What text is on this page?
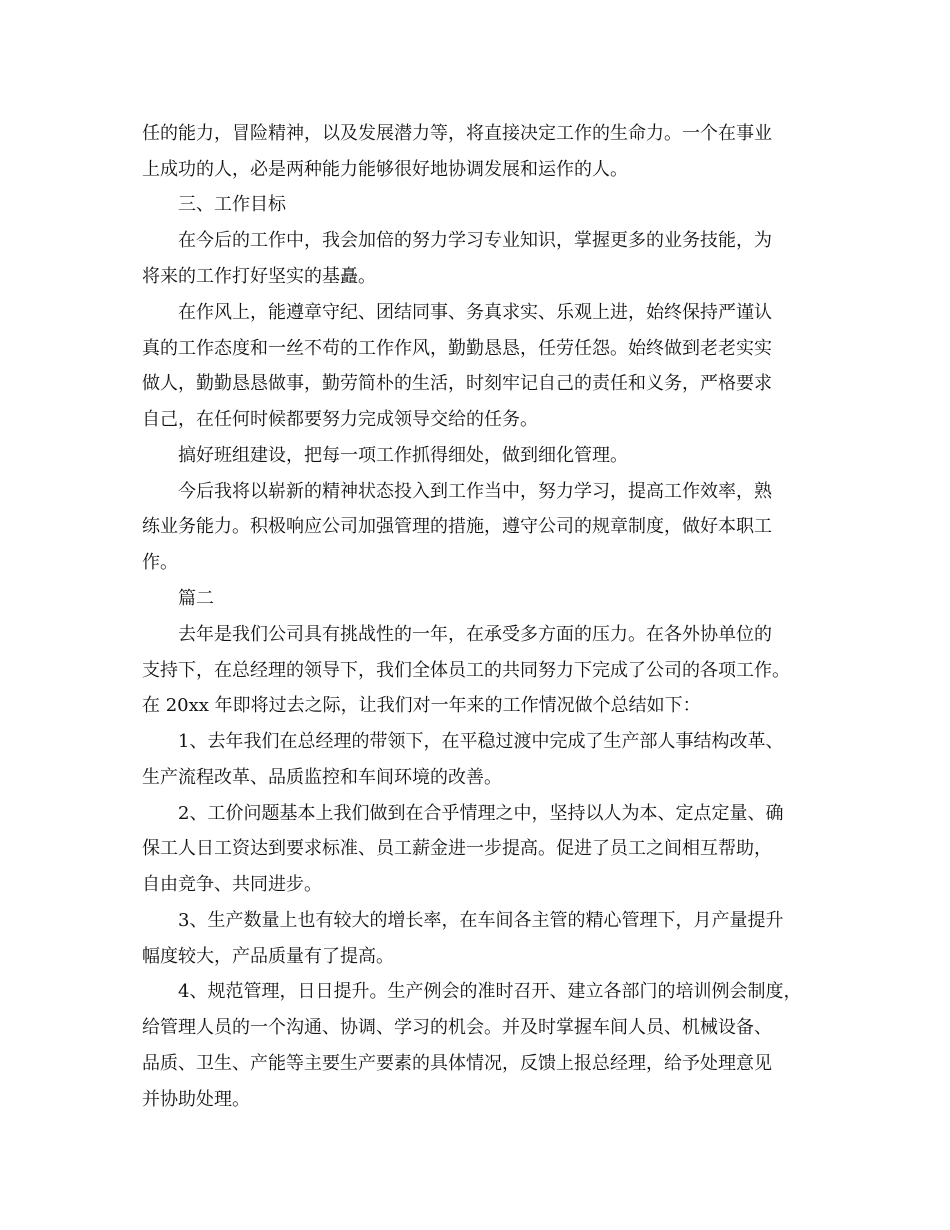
任的能力，冒险精神，以及发展潜力等，将直接决定工作的生命力。一个在事业
上成功的人，必是两种能力能够很好地协调发展和运作的人。
三、工作目标
在今后的工作中，我会加倍的努力学习专业知识，掌握更多的业务技能，为
将来的工作打好坚实的基矗。
在作风上，能遵章守纪、团结同事、务真求实、乐观上进，始终保持严谨认
真的工作态度和一丝不苟的工作作风，勤勤恳恳，任劳任怨。始终做到老老实实
做人，勤勤恳恳做事，勤劳简朴的生活，时刻牢记自己的责任和义务，严格要求
自己，在任何时候都要努力完成领导交给的任务。
搞好班组建设，把每一项工作抓得细处，做到细化管理。
今后我将以崭新的精神状态投入到工作当中，努力学习，提高工作效率，熟
练业务能力。积极响应公司加强管理的措施，遵守公司的规章制度，做好本职工
作。
篇二
去年是我们公司具有挑战性的一年，在承受多方面的压力。在各外协单位的
支持下，在总经理的领导下，我们全体员工的共同努力下完成了公司的各项工作。
在 20xx 年即将过去之际，让我们对一年来的工作情况做个总结如下：
1、去年我们在总经理的带领下，在平稳过渡中完成了生产部人事结构改革、
生产流程改革、品质监控和车间环境的改善。
2、工价问题基本上我们做到在合乎情理之中，坚持以人为本、定点定量、确
保工人日工资达到要求标准、员工薪金进一步提高。促进了员工之间相互帮助，
自由竞争、共同进步。
3、生产数量上也有较大的增长率，在车间各主管的精心管理下，月产量提升
幅度较大，产品质量有了提高。
4、规范管理，日日提升。生产例会的准时召开、建立各部门的培训例会制度，
给管理人员的一个沟通、协调、学习的机会。并及时掌握车间人员、机械设备、
品质、卫生、产能等主要生产要素的具体情况，反馈上报总经理，给予处理意见
并协助处理。
